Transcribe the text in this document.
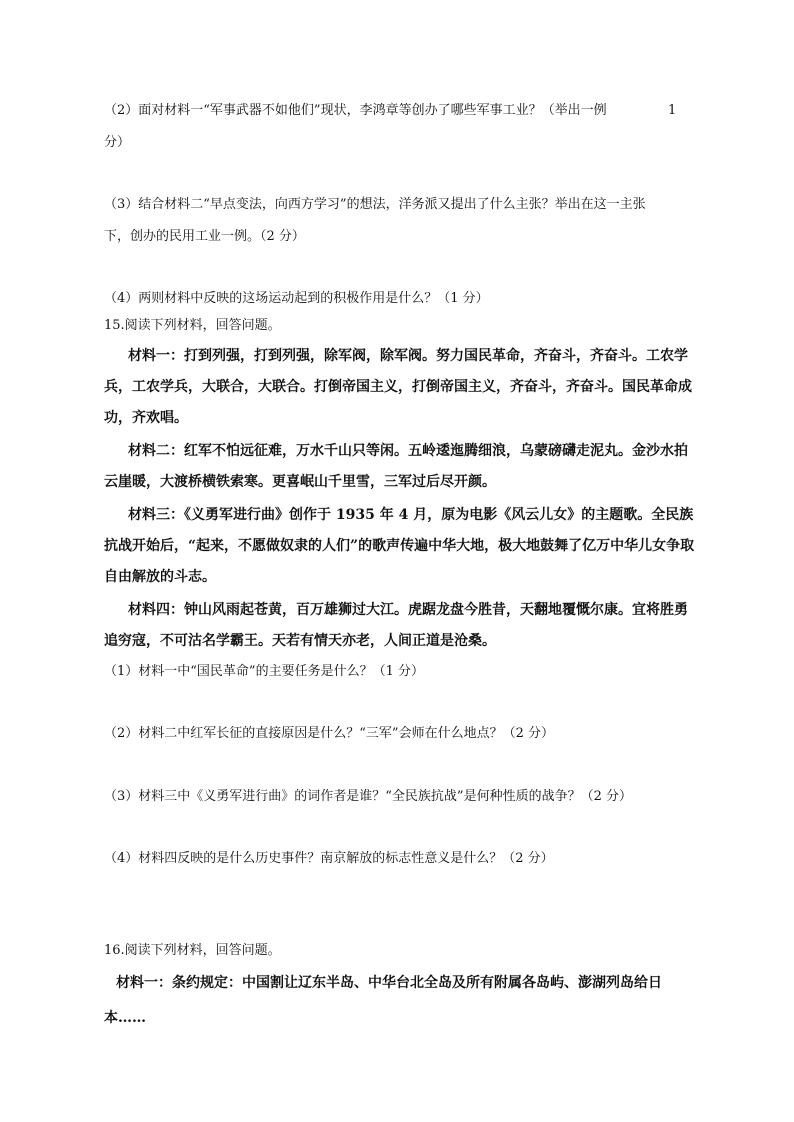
（2）面对材料一“军事武器不如他们”现状，李鸿章等创办了哪些军事工业？（举出一例	1
分）
（3）结合材料二“早点变法，向西方学习”的想法，洋务派又提出了什么主张？举出在这一主张
下，创办的民用工业一例。（2 分）
（4）两则材料中反映的这场运动起到的积极作用是什么？（1 分）
15.阅读下列材料，回答问题。
材料一：打到列强，打到列强，除军阀，除军阀。努力国民革命，齐奋斗，齐奋斗。工农学
兵，工农学兵，大联合，大联合。打倒帝国主义，打倒帝国主义，齐奋斗，齐奋斗。国民革命成
功，齐欢唱。
材料二：红军不怕远征难，万水千山只等闲。五岭逶迤腾细浪，乌蒙磅礴走泥丸。金沙水拍
云崖暖，大渡桥横铁索寒。更喜岷山千里雪，三军过后尽开颜。
材料三：《义勇军进行曲》创作于 1935 年 4 月，原为电影《风云儿女》的主题歌。全民族
抗战开始后，“起来，不愿做奴隶的人们”的歌声传遍中华大地，极大地鼓舞了亿万中华儿女争取
自由解放的斗志。
材料四：钟山风雨起苍黄，百万雄狮过大江。虎踞龙盘今胜昔，天翻地覆慨尔康。宜将胜勇
追穷寇，不可沽名学霸王。天若有情天亦老，人间正道是沧桑。
（1）材料一中“国民革命”的主要任务是什么？（1 分）
（2）材料二中红军长征的直接原因是什么？“三军”会师在什么地点？（2 分）
（3）材料三中《义勇军进行曲》的词作者是谁？“全民族抗战”是何种性质的战争？（2 分）
（4）材料四反映的是什么历史事件？南京解放的标志性意义是什么？（2 分）
16.阅读下列材料，回答问题。
材料一：条约规定：中国割让辽东半岛、中华台北全岛及所有附属各岛屿、澎湖列岛给日
本……
